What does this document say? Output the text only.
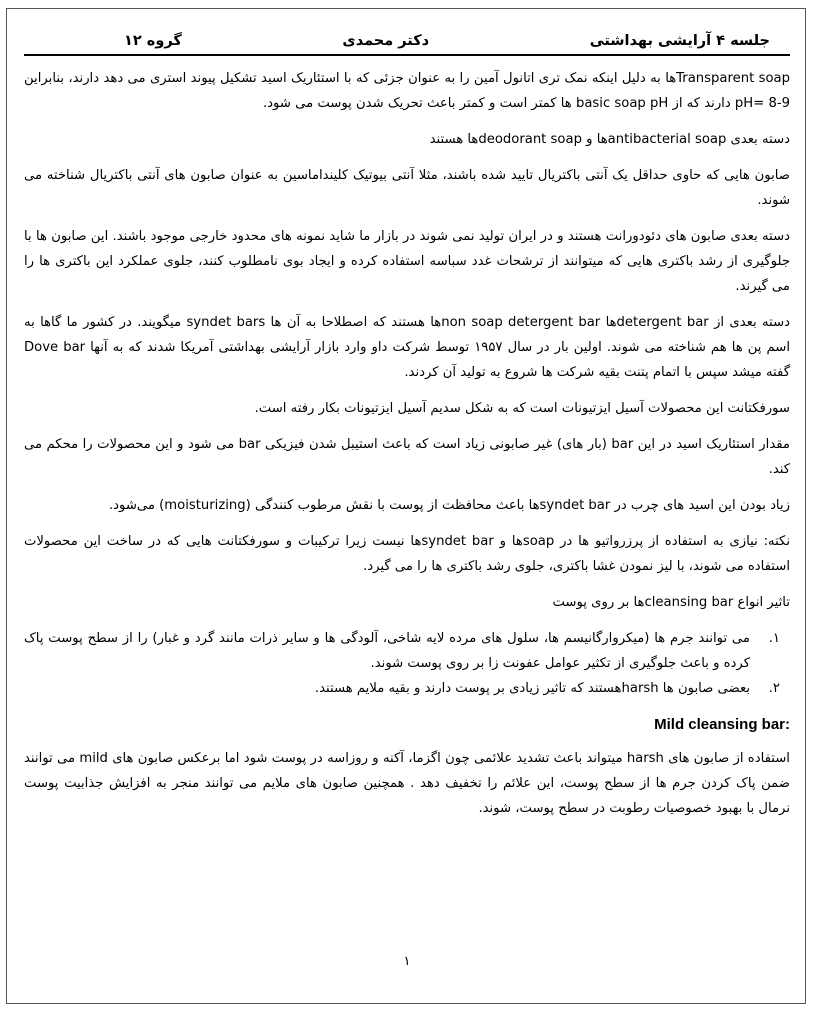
جلسه ۴ آرایشی بهداشتی
دکتر محمدی
گروه ۱۲

Transparent soapها به دلیل اینکه نمک تری اتانول آمین را به عنوان جزئی که با استئاریک اسید تشکیل پیوند استری می دهد دارند، بنابراین pH= 8-9 دارند که از basic soap pH ها کمتر است و کمتر باعث تحریک شدن پوست می شود.

دسته بعدی antibacterial soapها و deodorant soapها هستند

صابون هایی که حاوی حداقل یک آنتی باکتریال تایید شده باشند، مثلا آنتی بیوتیک کلینداماسین به عنوان صابون های آنتی باکتریال شناخته می شوند.

دسته بعدی صابون های دئودورانت هستند و در ایران تولید نمی شوند در بازار ما شاید نمونه های محدود خارجی موجود باشند. این صابون ها با جلوگیری از رشد باکتری هایی که میتوانند از ترشحات غدد سباسه استفاده کرده و ایجاد بوی نامطلوب کنند، جلوی عملکرد این باکتری ها را می گیرند.

دسته بعدی از detergent barها non soap detergent barها هستند که اصطلاحا به آن ها syndet bars میگویند. در کشور ما گاها به اسم پن ها هم شناخته می شوند. اولین بار در سال ۱۹۵۷ توسط شرکت داو وارد بازار آرایشی بهداشتی آمریکا شدند که به آنها Dove bar گفته میشد سپس با اتمام پتنت بقیه شرکت ها شروع به تولید آن کردند.

سورفکتانت این محصولات آسیل ایزتیونات است که به شکل سدیم آسیل ایزتیونات بکار رفته است.

مقدار استئاریک اسید در این bar (بار های) غیر صابونی زیاد است که باعث استیبل شدن فیزیکی bar می شود و این محصولات را محکم می کند.

زیاد بودن این اسید های چرب در syndet barها باعث محافظت از پوست با نقش مرطوب کنندگی (moisturizing) می‌شود.

نکته: نیازی به استفاده از پرزرواتیو ها در soapها و syndet barها نیست زیرا ترکیبات و سورفکتانت هایی که در ساخت این محصولات استفاده می شوند، با لیز نمودن غشا باکتری، جلوی رشد باکتری ها را می گیرد.

تاثیر انواع cleansing barها بر روی پوست

۱.
می توانند جرم ها (میکروارگانیسم ها، سلول های مرده لایه شاخی، آلودگی ها و سایر ذرات مانند گرد و غبار) را از سطح پوست پاک کرده و باعث جلوگیری از تکثیر عوامل عفونت زا بر روی پوست شوند.
۲.
بعضی صابون ها harshهستند که تاثیر زیادی بر پوست دارند و بقیه ملایم هستند.
Mild cleansing bar:

استفاده از صابون های harsh میتواند باعث تشدید علائمی چون اگزما، آکنه و روزاسه در پوست شود اما برعکس صابون های mild می توانند ضمن پاک کردن جرم ها از سطح پوست، این علائم را تخفیف دهد . همچنین صابون های ملایم می توانند منجر به افزایش جذابیت پوست نرمال با بهبود خصوصیات رطوبت در سطح پوست، شوند.

۱
